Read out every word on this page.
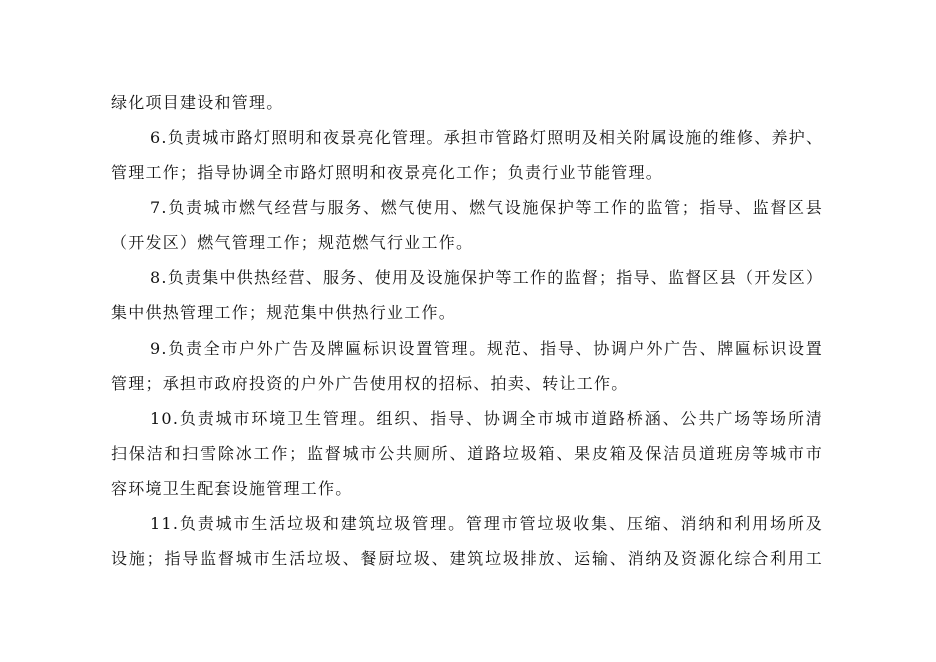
绿化项目建设和管理。

6.负责城市路灯照明和夜景亮化管理。承担市管路灯照明及相关附属设施的维修、养护、

管理工作；指导协调全市路灯照明和夜景亮化工作；负责行业节能管理。

7.负责城市燃气经营与服务、燃气使用、燃气设施保护等工作的监管；指导、监督区县

（开发区）燃气管理工作；规范燃气行业工作。

8.负责集中供热经营、服务、使用及设施保护等工作的监督；指导、监督区县（开发区）

集中供热管理工作；规范集中供热行业工作。

9.负责全市户外广告及牌匾标识设置管理。规范、指导、协调户外广告、牌匾标识设置

管理；承担市政府投资的户外广告使用权的招标、拍卖、转让工作。

10.负责城市环境卫生管理。组织、指导、协调全市城市道路桥涵、公共广场等场所清

扫保洁和扫雪除冰工作；监督城市公共厕所、道路垃圾箱、果皮箱及保洁员道班房等城市市

容环境卫生配套设施管理工作。

11.负责城市生活垃圾和建筑垃圾管理。管理市管垃圾收集、压缩、消纳和利用场所及

设施；指导监督城市生活垃圾、餐厨垃圾、建筑垃圾排放、运输、消纳及资源化综合利用工
